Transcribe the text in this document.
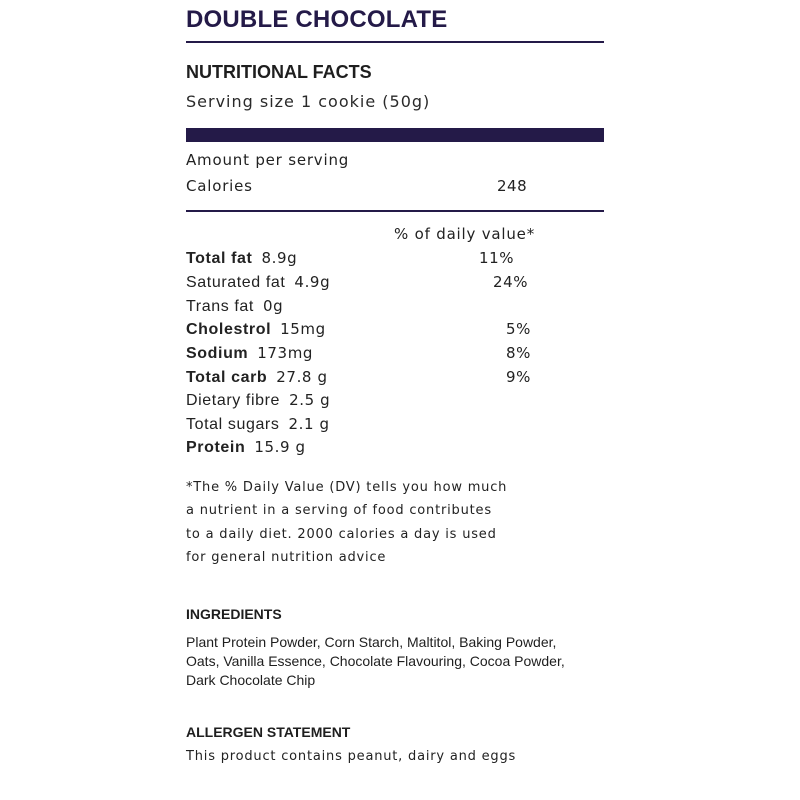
DOUBLE CHOCOLATE
NUTRITIONAL FACTS
Serving size 1 cookie (50g)
Amount per serving
Calories	248
% of daily value*
Total fat 8.9g	11%
Saturated fat 4.9g	24%
Trans fat 0g
Cholestrol 15mg	5%
Sodium 173mg	8%
Total carb 27.8 g	9%
Dietary fibre 2.5 g
Total sugars 2.1 g
Protein 15.9 g
*The % Daily Value (DV) tells you how much
a nutrient in a serving of food contributes
to a daily diet. 2000 calories a day is used
for general nutrition advice
INGREDIENTS
Plant Protein Powder, Corn Starch, Maltitol, Baking Powder,
Oats, Vanilla Essence, Chocolate Flavouring, Cocoa Powder,
Dark Chocolate Chip
ALLERGEN STATEMENT
This product contains peanut, dairy and eggs
